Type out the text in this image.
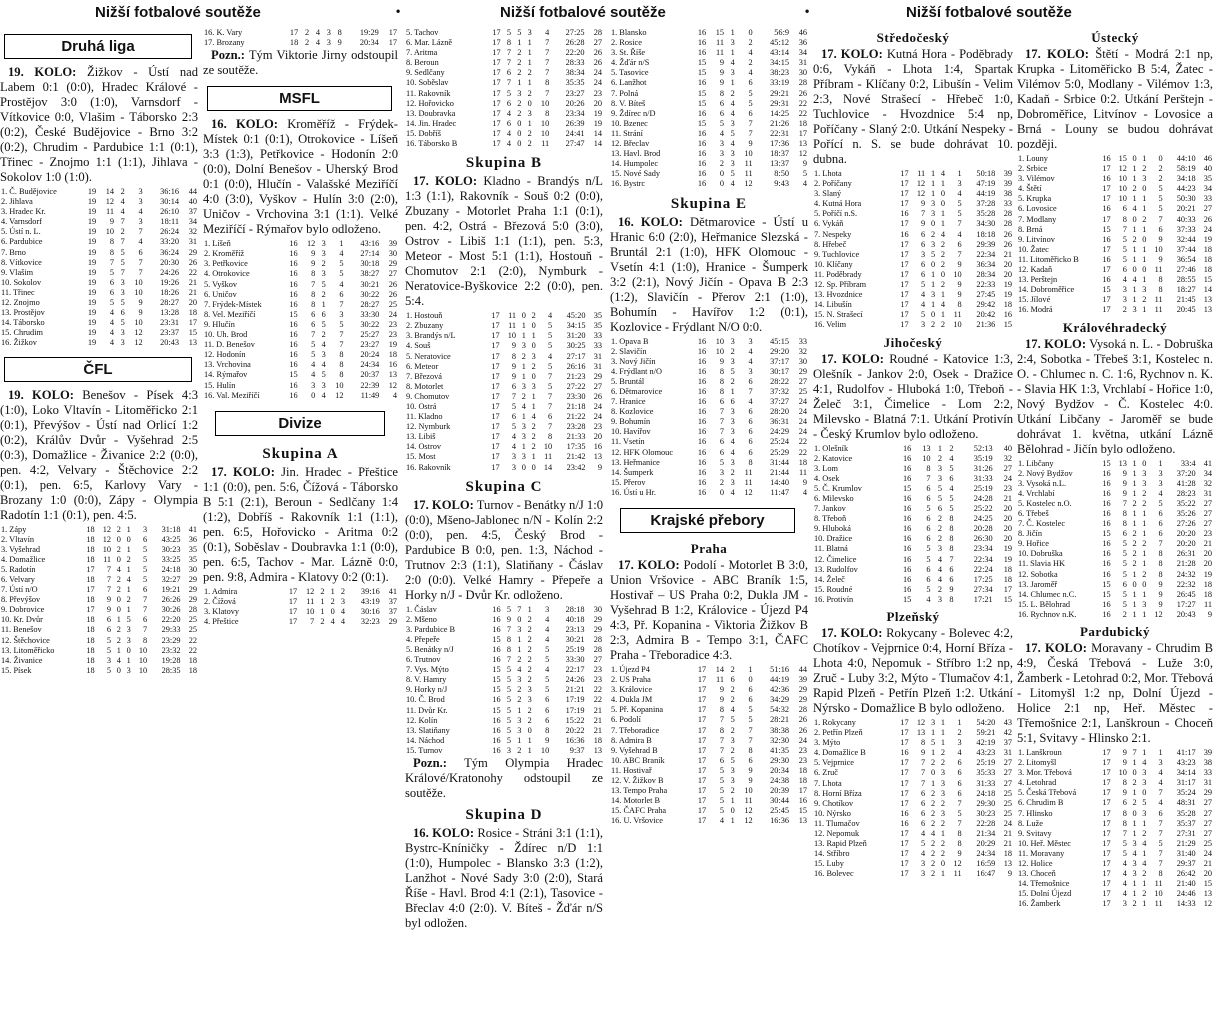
Nižší fotbalové soutěže	•	Nižší fotbalové soutěže	•	Nižší fotbalové soutěže
Druhá liga

19. KOLO: Žižkov - Ústí nad Labem 0:1 (0:0), Hradec Králové - Prostějov 3:0 (1:0), Varnsdorf - Vítkovice 0:0, Vlašim - Táborsko 2:3 (0:2), České Budějovice - Brno 3:2 (0:2), Chrudim - Pardubice 1:1 (0:1), Třinec - Znojmo 1:1 (1:1), Jihlava - Sokolov 1:0 (1:0).

1. Č. Budějovice	19	14	2	3	36:16	44
2. Jihlava	19	12	4	3	30:14	40
3. Hradec Kr.	19	11	4	4	26:10	37
4. Varnsdorf	19	9	7	3	18:11	34
5. Ústí n. L.	19	10	2	7	26:24	32
6. Pardubice	19	8	7	4	33:20	31
7. Brno	19	8	5	6	36:24	29
8. Vítkovice	19	7	5	7	20:30	26
9. Vlašim	19	5	7	7	24:26	22
10. Sokolov	19	6	3	10	19:26	21
11. Třinec	19	6	3	10	18:26	21
12. Znojmo	19	5	5	9	28:27	20
13. Prostějov	19	4	6	9	13:28	18
14. Táborsko	19	4	5	10	23:31	17
15. Chrudim	19	4	3	12	23:37	15
16. Žižkov	19	4	3	12	20:43	13
ČFL

19. KOLO: Benešov - Písek 4:3 (1:0), Loko Vltavín - Litoměřicko 2:1 (0:1), Převýšov - Ústí nad Orlicí 1:2 (0:2), Králův Dvůr - Vyšehrad 2:5 (0:3), Domažlice - Živanice 2:2 (0:0), pen. 4:2, Velvary - Štěchovice 2:2 (0:1), pen. 6:5, Karlovy Vary - Brozany 1:0 (0:0), Zápy - Olympia Radotín 1:1 (0:1), pen. 4:5.

1. Zápy	18	12	2	1	3	31:18	41
2. Vltavín	18	12	0	0	6	43:25	36
3. Vyšehrad	18	10	2	1	5	30:23	35
4. Domažlice	18	11	0	2	5	33:25	35
5. Radotín	17	7	4	1	5	24:18	30
6. Velvary	18	7	2	4	5	32:27	29
7. Ústí n/O	17	7	2	1	6	19:21	29
8. Převýšov	18	9	0	2	7	26:26	29
9. Dobrovice	17	9	0	1	7	30:26	28
10. Kr. Dvůr	18	6	1	5	6	22:20	25
11. Benešov	18	6	2	3	7	29:33	25
12. Štěchovice	18	5	2	3	8	23:29	22
13. Litoměřicko	18	5	1	0	10	23:32	22
14. Živanice	18	3	4	1	10	19:28	18
15. Písek	18	5	0	3	10	28:35	18
16. K. Vary	17	2	4	3	8	19:29	17
17. Brozany	18	2	4	3	9	20:34	17

Pozn.: Tým Viktorie Jirny odstoupil ze soutěže.

MSFL

16. KOLO: Kroměříž - Frýdek-Místek 0:1 (0:1), Otrokovice - Líšeň 3:3 (1:3), Petřkovice - Hodonín 2:0 (0:0), Dolní Benešov - Uherský Brod 0:1 (0:0), Hlučín - Valašské Meziříčí 4:0 (3:0), Vyškov - Hulín 3:0 (2:0), Uničov - Vrchovina 3:1 (1:1). Velké Meziříčí - Rýmařov bylo odloženo.

1. Líšeň	16	12	3	1	43:16	39
2. Kroměříž	16	9	3	4	27:14	30
3. Petřkovice	16	9	2	5	30:18	29
4. Otrokovice	16	8	3	5	38:27	27
5. Vyškov	16	7	5	4	30:21	26
6. Uničov	16	8	2	6	30:22	26
7. Frýdek-Místek	16	8	1	7	28:27	25
8. Vel. Meziříčí	15	6	6	3	33:30	24
9. Hlučín	16	6	5	5	30:22	23
10. Uh. Brod	16	7	2	7	25:27	23
11. D. Benešov	16	5	4	7	23:27	19
12. Hodonín	16	5	3	8	20:24	18
13. Vrchovina	16	4	4	8	24:34	16
14. Rýmařov	15	4	5	8	20:37	13
15. Hulín	16	3	3	10	22:39	12
16. Val. Meziříčí	16	0	4	12	11:49	4
Divize
Skupina A

17. KOLO: Jin. Hradec - Přeštice 1:1 (0:0), pen. 5:6, Čížová - Táborsko B 5:1 (2:1), Beroun - Sedlčany 1:4 (1:2), Dobříš - Rakovník 1:1 (1:1), pen. 6:5, Hořovicko - Aritma 0:2 (0:1), Soběslav - Doubravka 1:1 (0:0), pen. 6:5, Tachov - Mar. Lázně 0:0, pen. 9:8, Admira - Klatovy 0:2 (0:1).

1. Admira	17	12	2	1	2	39:16	41
2. Čížová	17	11	1	2	3	43:19	37
3. Klatovy	17	10	1	0	4	30:16	37
4. Přeštice	17	7	2	4	4	32:23	29
5. Tachov	17	5	5	3	4	27:25	28
6. Mar. Lázně	17	8	1	1	7	26:28	27
7. Aritma	17	7	2	1	7	22:20	26
8. Beroun	17	7	2	1	7	28:33	26
9. Sedlčany	17	6	2	2	7	38:34	24
10. Soběslav	17	7	1	1	8	35:35	24
11. Rakovník	17	5	3	2	7	23:27	23
12. Hořovicko	17	6	2	0	10	20:26	20
13. Doubravka	17	4	2	3	8	23:34	19
14. Jin. Hradec	17	6	0	1	10	26:39	19
15. Dobříš	17	4	0	2	10	24:41	14
16. Táborsko B	17	4	0	2	11	27:47	14
Skupina B

17. KOLO: Kladno - Brandýs n/L 1:3 (1:1), Rakovník - Souš 0:2 (0:0), Zbuzany - Motorlet Praha 1:1 (0:1), pen. 4:2, Ostrá - Březová 5:0 (3:0), Ostrov - Libiš 1:1 (1:1), pen. 5:3, Meteor - Most 5:1 (1:1), Hostouň - Chomutov 2:1 (2:0), Nymburk - Neratovice-Byškovice 2:2 (0:0), pen. 5:4.

1. Hostouň	17	11	0	2	4	45:20	35
2. Zbuzany	17	11	1	0	5	34:15	35
3. Brandýs n/L	17	10	1	1	5	31:20	33
4. Souš	17	9	3	0	5	30:25	33
5. Neratovice	17	8	2	3	4	27:17	31
6. Meteor	17	9	1	2	5	26:16	31
7. Březová	17	9	1	0	7	21:23	29
8. Motorlet	17	6	3	3	5	27:22	27
9. Chomutov	17	7	2	1	7	23:30	26
10. Ostrá	17	5	4	1	7	21:18	24
11. Kladno	17	6	1	4	6	21:22	24
12. Nymburk	17	5	3	2	7	23:28	23
13. Libiš	17	4	3	2	8	21:33	20
14. Ostrov	17	4	1	2	10	17:35	16
15. Most	17	3	3	1	11	21:42	13
16. Rakovník	17	3	0	0	14	23:42	9
Skupina C

17. KOLO: Turnov - Benátky n/J 1:0 (0:0), Mšeno-Jablonec n/N - Kolín 2:2 (0:0), pen. 4:5, Český Brod - Pardubice B 0:0, pen. 1:3, Náchod - Trutnov 2:3 (1:1), Slatiňany - Čáslav 2:0 (0:0). Velké Hamry - Přepeře a Horky n/J - Dvůr Kr. odloženo.

1. Čáslav	16	5	7	1	3	28:18	30
2. Mšeno	16	9	0	2	4	40:18	29
3. Pardubice B	16	7	3	2	4	23:13	29
4. Přepeře	15	8	1	2	4	30:21	28
5. Benátky n/J	16	8	1	2	5	25:19	28
6. Trutnov	16	7	2	2	5	33:30	27
7. Vys. Mýto	15	5	4	2	4	22:17	23
8. V. Hamry	15	5	3	2	5	24:26	23
9. Horky n/J	15	5	2	3	5	21:21	22
10. Č. Brod	16	5	2	3	6	17:19	22
11. Dvůr Kr.	15	5	1	2	6	17:19	21
12. Kolín	16	5	3	2	6	15:22	21
13. Slatiňany	16	5	3	0	8	20:22	21
14. Náchod	16	5	1	1	9	16:36	18
15. Turnov	16	3	2	1	10	9:37	13

Pozn.: Tým Olympia Hradec Králové/Kratonohy odstoupil ze soutěže.

Skupina D

16. KOLO: Rosice - Stráni 3:1 (1:1), Bystrc-Kníničky - Ždírec n/D 1:1 (1:0), Humpolec - Blansko 3:3 (1:2), Lanžhot - Nové Sady 3:0 (2:0), Stará Říše - Havl. Brod 4:1 (2:1), Tasovice - Břeclav 4:0 (2:0). V. Bíteš - Žďár n/S byl odložen.

1. Blansko	16	15	1	0	56:9	46
2. Rosice	16	11	3	2	45:12	36
3. St. Říše	16	11	1	4	43:14	34
4. Žďár n/S	15	9	4	2	34:15	31
5. Tasovice	15	9	3	4	38:23	30
6. Lanžhot	16	9	1	6	33:19	28
7. Polná	15	8	2	5	29:21	26
8. V. Bíteš	15	6	4	5	29:31	22
9. Ždírec n/D	16	6	4	6	14:25	22
10. Bzenec	15	5	3	7	21:26	18
11. Strání	16	4	5	7	22:31	17
12. Břeclav	16	3	4	9	17:36	13
13. Havl. Brod	16	3	3	10	18:37	12
14. Humpolec	16	2	3	11	13:37	9
15. Nové Sady	16	0	5	11	8:50	5
16. Bystrc	16	0	4	12	9:43	4
Skupina E

16. KOLO: Dětmarovice - Ústí u Hranic 6:0 (2:0), Heřmanice Slezská - Bruntál 2:1 (1:0), HFK Olomouc - Vsetín 4:1 (1:0), Hranice - Šumperk 3:2 (2:1), Nový Jičín - Opava B 2:3 (1:2), Slavičín - Přerov 2:1 (1:0), Bohumín - Havířov 1:2 (0:1), Kozlovice - Frýdlant N/O 0:0.

1. Opava B	16	10	3	3	45:15	33
2. Slavičín	16	10	2	4	29:20	32
3. Nový Jičín	16	9	3	4	37:17	30
4. Frýdlant n/O	16	8	5	3	30:17	29
5. Bruntál	16	8	2	6	28:22	27
6. Dětmarovice	16	8	1	7	37:32	25
7. Hranice	16	6	6	4	37:27	24
8. Kozlovice	16	7	3	6	28:20	24
9. Bohumín	16	7	3	6	36:31	24
10. Havířov	16	7	3	6	24:29	24
11. Vsetín	16	6	4	6	25:24	22
12. HFK Olomouc	16	6	4	6	25:29	22
13. Heřmanice	16	5	3	8	31:44	18
14. Šumperk	16	3	2	11	21:44	11
15. Přerov	16	2	3	11	14:40	9
16. Ústí u Hr.	16	0	4	12	11:47	4
Krajské přebory
Praha

17. KOLO: Podolí - Motorlet B 3:0, Union Vršovice - ABC Braník 1:5, Hostivař – US Praha 0:2, Dukla JM - Vyšehrad B 1:2, Královice - Újezd P4 4:3, Př. Kopanina - Viktoria Žižkov B 2:3, Admira B - Tempo 3:1, ČAFC Praha - Třeboradice 4:3.

1. Újezd P4	17	14	2	1	51:16	44
2. US Praha	17	11	6	0	44:19	39
3. Královice	17	9	2	6	42:36	29
4. Dukla JM	17	9	2	6	34:29	29
5. Př. Kopanina	17	8	4	5	54:32	28
6. Podolí	17	7	5	5	28:21	26
7. Třeboradice	17	8	2	7	38:38	26
8. Admira B	17	7	3	7	32:30	24
9. Vyšehrad B	17	7	2	8	41:35	23
10. ABC Braník	17	6	5	6	29:30	23
11. Hostivař	17	5	3	9	20:34	18
12. V. Žižkov B	17	5	3	9	24:38	18
13. Tempo Praha	17	5	2	10	20:39	17
14. Motorlet B	17	5	1	11	30:44	16
15. ČAFC Praha	17	5	0	12	25:45	15
16. U. Vršovice	17	4	1	12	16:36	13
Středočeský

17. KOLO: Kutná Hora - Poděbrady 0:6, Vykáň - Lhota 1:4, Spartak Příbram - Klíčany 0:2, Libušín - Velim 2:3, Nové Strašecí - Hřebeč 1:0, Tuchlovice - Hvozdnice 5:4 np, Poříčany - Slaný 2:0. Utkání Nespeky - Pořící n. S. se bude dohrávat 10. dubna.

1. Lhota	17	11	1	4	1	50:18	39
2. Poříčany	17	12	1	1	3	47:19	39
3. Slaný	17	12	1	0	4	44:19	38
4. Kutná Hora	17	9	3	0	5	37:28	33
5. Poříčí n.S.	16	7	3	1	5	35:28	28
6. Vykáň	17	9	0	1	7	34:30	28
7. Nespeky	16	6	2	4	4	18:18	26
8. Hřebeč	17	6	3	2	6	29:39	26
9. Tuchlovice	17	3	5	2	7	22:34	21
10. Klíčany	17	6	0	2	9	36:34	20
11. Poděbrady	17	6	1	0	10	28:34	20
12. Sp. Příbram	17	5	1	2	9	22:33	19
13. Hvozdnice	17	4	3	1	9	27:45	19
14. Libušín	17	4	1	4	8	29:42	18
15. N. Strašecí	17	5	0	1	11	20:42	16
16. Velim	17	3	2	2	10	21:36	15
Jihočeský

17. KOLO: Roudné - Katovice 1:3, Olešník - Jankov 2:0, Osek - Dražice 4:1, Rudolfov - Hluboká 1:0, Třeboň - Želeč 3:1, Čimelice - Lom 2:2, Milevsko - Blatná 7:1. Utkání Protivín - Český Krumlov bylo odloženo.

1. Olešník	16	13	1	2	52:13	40
2. Katovice	16	10	2	4	35:19	32
3. Lom	16	8	3	5	31:26	27
4. Osek	16	7	3	6	31:33	24
5. Č. Krumlov	15	6	5	4	25:19	23
6. Milevsko	16	6	5	5	24:28	21
7. Jankov	16	5	6	5	25:22	20
8. Třeboň	16	6	2	8	24:25	20
9. Hluboká	16	6	2	8	20:28	20
10. Dražice	16	6	2	8	26:30	20
11. Blatná	16	5	3	8	23:34	19
12. Čimelice	16	5	4	7	22:34	19
13. Rudolfov	16	6	4	6	22:24	18
14. Želeč	16	6	4	6	17:25	18
15. Roudné	16	5	2	9	27:34	17
16. Protivín	15	4	3	8	17:21	15
Plzeňský

17. KOLO: Rokycany - Bolevec 4:2, Chotíkov - Vejprnice 0:4, Horní Bříza - Lhota 4:0, Nepomuk - Stříbro 1:2 np, Zruč - Luby 3:2, Mýto - Tlumačov 4:1, Rapid Plzeň - Petřín Plzeň 1:2. Utkání Nýrsko - Domažlice B bylo odloženo.

1. Rokycany	17	12	3	1	1	54:20	43
2. Petřín Plzeň	17	13	1	1	2	59:21	42
3. Mýto	17	8	5	1	3	42:19	37
4. Domažlice B	16	9	1	2	4	43:23	31
5. Vejprnice	17	7	2	2	6	25:19	27
6. Zruč	17	7	0	3	6	35:33	27
7. Lhota	17	7	1	3	6	31:33	27
8. Horní Bříza	17	6	2	3	6	24:18	25
9. Chotíkov	17	6	2	2	7	29:30	25
10. Nýrsko	16	6	2	3	5	30:23	25
11. Tlumačov	16	6	2	2	7	22:28	24
12. Nepomuk	17	4	4	1	8	21:34	21
13. Rapid Plzeň	17	5	2	2	8	20:29	21
14. Stříbro	17	4	2	2	9	24:34	18
15. Luby	17	3	2	0	12	16:59	13
16. Bolevec	17	3	2	1	11	16:47	9
Ústecký

17. KOLO: Štětí - Modrá 2:1 np, Krupka - Litoměřicko B 5:4, Žatec - Vilémov 5:0, Modlany - Vilémov 1:3, Kadaň - Srbice 0:2. Utkání Perštejn - Dobroměřice, Litvínov - Lovosice a Brná - Louny se budou dohrávat později.

1. Louny	16	15	0	1	0	44:10	46
2. Srbice	17	12	1	2	2	58:19	40
3. Vilémov	16	10	1	3	2	34:18	35
4. Štětí	17	10	2	0	5	44:23	34
5. Krupka	17	10	1	1	5	50:30	33
6. Lovosice	16	6	4	1	5	20:21	27
7. Modlany	17	8	0	2	7	40:33	26
8. Brná	15	7	1	1	6	37:33	24
9. Litvínov	16	5	2	0	9	32:44	19
10. Žatec	17	5	1	1	10	37:44	18
11. Litoměřicko B	16	5	1	1	9	36:54	18
12. Kadaň	17	6	0	0	11	27:46	18
13. Perštejn	16	4	4	1	8	28:55	15
14. Dobroměřice	15	3	1	3	8	18:27	14
15. Jílové	17	3	1	2	11	21:45	13
16. Modrá	17	2	3	1	11	20:45	13
Královéhradecký

17. KOLO: Vysoká n. L. - Dobruška 2:4, Sobotka - Třebeš 3:1, Kostelec n. O. - Chlumec n. C. 1:6, Rychnov n. K. - Slavia HK 1:3, Vrchlabí - Hořice 1:0, Nový Bydžov - Č. Kostelec 4:0. Utkání Libčany - Jaroměř se bude dohrávat 1. května, utkání Lázně Bělohrad - Jičín bylo odloženo.

1. Libčany	15	13	1	0	1	33:4	41
2. Nový Bydžov	16	9	1	3	3	37:20	34
3. Vysoká n.L.	16	9	1	3	3	41:28	32
4. Vrchlabí	16	9	1	2	4	28:23	31
5. Kostelec n.O.	16	7	2	2	5	35:22	27
6. Třebeš	16	8	1	1	6	35:26	27
7. Č. Kostelec	16	8	1	1	6	27:26	27
8. Jičín	15	6	2	1	6	20:20	23
9. Hořice	16	5	2	2	7	20:20	21
10. Dobruška	16	5	2	1	8	26:31	20
11. Slavia HK	16	5	2	1	8	21:28	20
12. Sobotka	16	5	1	2	8	24:32	19
13. Jaroměř	15	6	0	0	9	22:32	18
14. Chlumec n.C.	15	5	1	1	9	26:45	18
15. L. Bělohrad	16	5	1	3	9	17:27	11
16. Rychnov n.K.	16	2	1	1	12	20:43	9
Pardubický

17. KOLO: Moravany - Chrudim B 4:9, Česká Třebová - Luže 3:0, Žamberk - Letohrad 0:2, Mor. Třebová - Litomyšl 1:2 np, Dolní Újezd - Holice 2:1 np, Heř. Městec - Třemošnice 2:1, Lanškroun - Choceň 5:1, Svitavy - Hlinsko 2:1.

1. Lanškroun	17	9	7	1	1	41:17	39
2. Litomyšl	17	9	1	4	3	43:23	38
3. Mor. Třebová	17	10	0	3	4	34:14	33
4. Letohrad	17	8	2	3	4	31:17	31
5. Česká Třebová	17	9	1	0	7	35:24	29
6. Chrudim B	17	6	2	5	4	48:31	27
7. Hlinsko	17	8	0	3	6	35:28	27
8. Luže	17	8	1	1	7	35:37	27
9. Svitavy	17	7	1	2	7	27:31	27
10. Heř. Městec	17	5	3	4	5	21:29	25
11. Moravany	17	5	4	1	7	31:40	24
12. Holice	17	4	3	4	7	29:37	21
13. Choceň	17	4	3	2	8	26:42	20
14. Třemošnice	17	4	1	1	11	21:40	15
15. Dolní Újezd	17	4	1	2	10	24:46	13
16. Žamberk	17	3	2	1	11	14:33	12
